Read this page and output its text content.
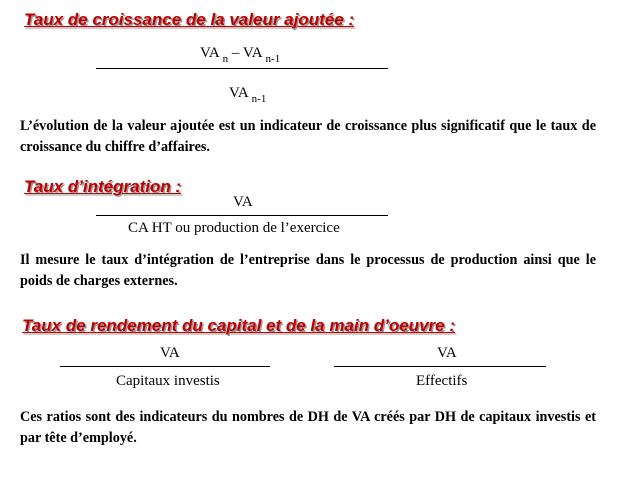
Taux de croissance de la valeur ajoutée :
VA $_n$ – VA $_{n-1}$
VA $_{n-1}$
L’évolution de la valeur ajoutée est un indicateur de croissance plus significatif que le taux de croissance du chiffre d’affaires.
Taux d’intégration :
VA
CA HT ou production de l’exercice
Il mesure le taux d’intégration de l’entreprise dans le processus de production ainsi que le poids de charges externes.
Taux de rendement du capital et de la main d’oeuvre :
VA
Capitaux investis
VA
Effectifs
Ces ratios sont des indicateurs du nombres de DH de VA créés par DH de capitaux investis et par tête d’employé.
